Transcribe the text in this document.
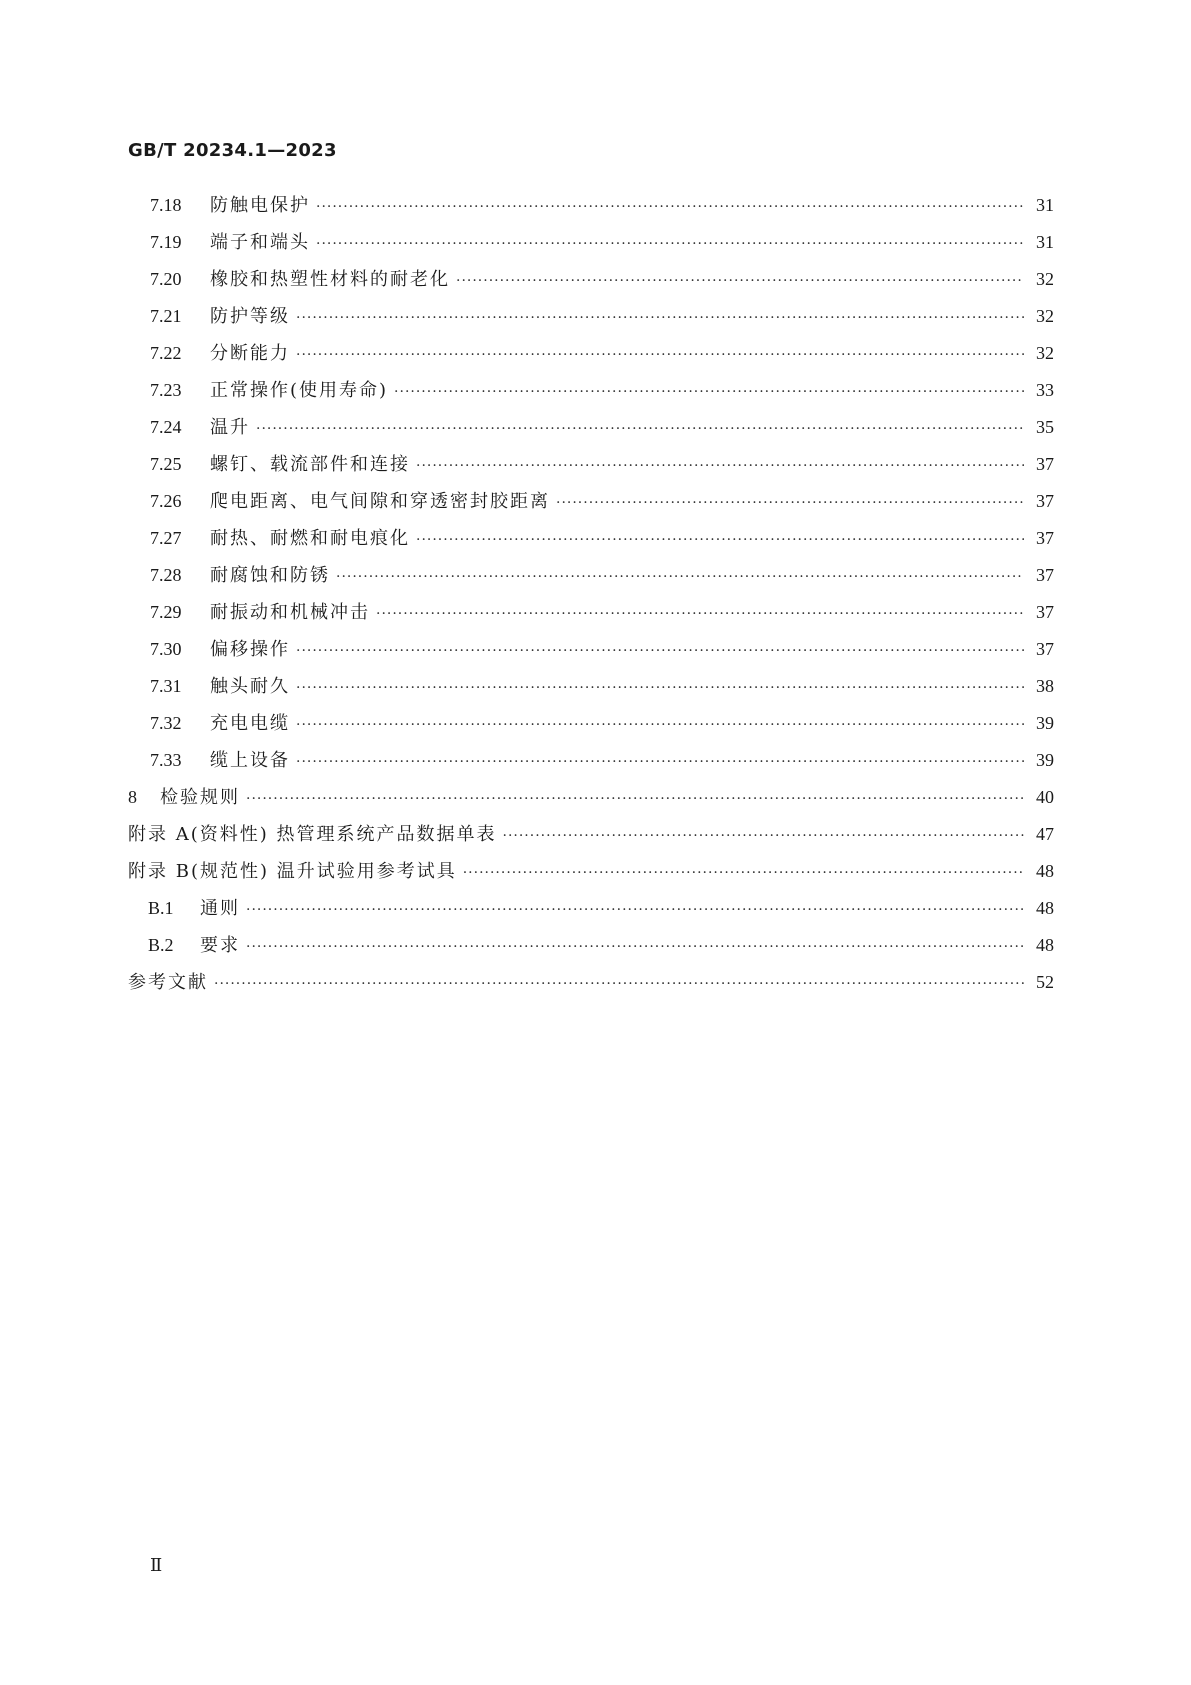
GB/T 20234.1—2023
7.18	防触电保护 ·····	31
7.19	端子和端头 ·····	31
7.20	橡胶和热塑性材料的耐老化 ·····	32
7.21	防护等级 ·····	32
7.22	分断能力 ·····	32
7.23	正常操作(使用寿命) ·····	33
7.24	温升 ·····	35
7.25	螺钉、载流部件和连接 ·····	37
7.26	爬电距离、电气间隙和穿透密封胶距离 ·····	37
7.27	耐热、耐燃和耐电痕化 ·····	37
7.28	耐腐蚀和防锈 ·····	37
7.29	耐振动和机械冲击 ·····	37
7.30	偏移操作 ·····	37
7.31	触头耐久 ·····	38
7.32	充电电缆 ·····	39
7.33	缆上设备 ·····	39
8	检验规则 ·····	40
附录 A(资料性) 热管理系统产品数据单表 ·····	47
附录 B(规范性) 温升试验用参考试具 ·····	48
B.1	通则 ·····	48
B.2	要求 ·····	48
参考文献 ·····	52
Ⅱ
